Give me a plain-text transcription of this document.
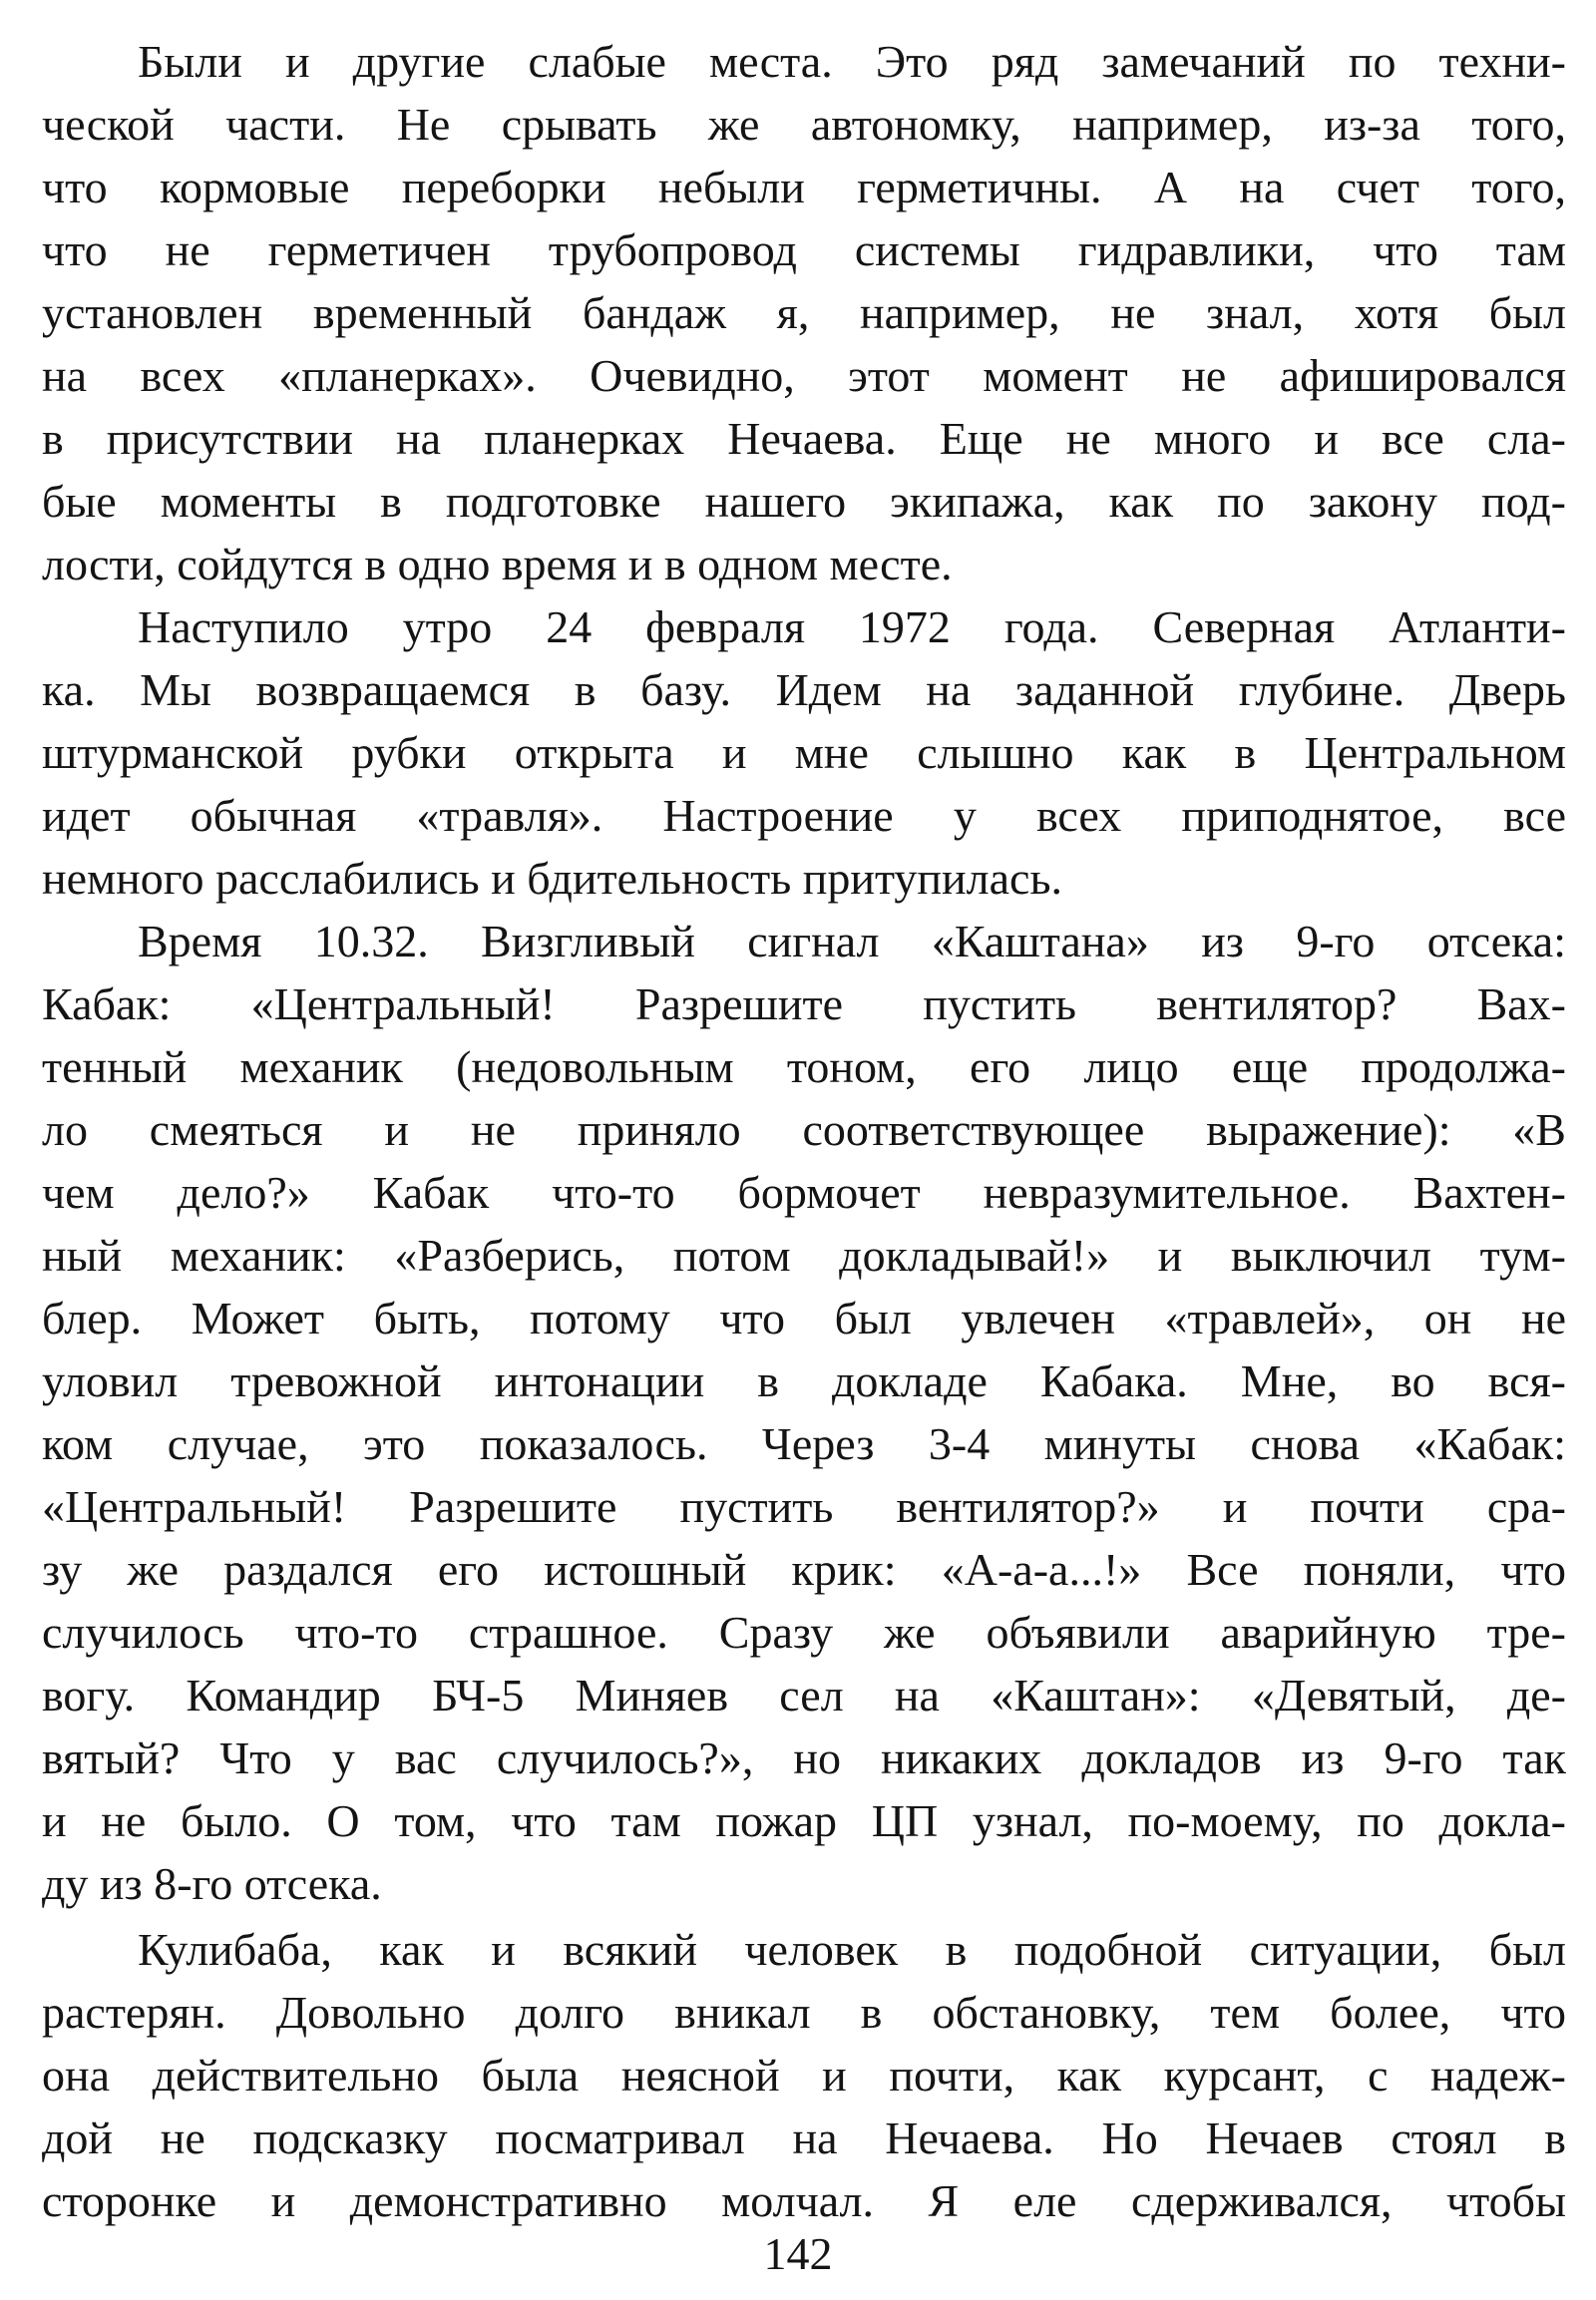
Были и другие слабые места. Это ряд замечаний по техни-
ческой части. Не срывать же автономку, например, из-за того,
что кормовые переборки небыли герметичны. А на счет того,
что не герметичен трубопровод системы гидравлики, что там
установлен временный бандаж я, например, не знал, хотя был
на всех «планерках». Очевидно, этот момент не афишировался
в присутствии на планерках Нечаева. Еще не много и все сла-
бые моменты в подготовке нашего экипажа, как по закону под-
лости, сойдутся в одно время и в одном месте.
Наступило утро 24 февраля 1972 года. Северная Атланти-
ка. Мы возвращаемся в базу. Идем на заданной глубине. Дверь
штурманской рубки открыта и мне слышно как в Центральном
идет обычная «травля». Настроение у всех приподнятое, все
немного расслабились и бдительность притупилась.
Время 10.32. Визгливый сигнал «Каштана» из 9-го отсека:
Кабак: «Центральный! Разрешите пустить вентилятор? Вах-
тенный механик (недовольным тоном, его лицо еще продолжа-
ло смеяться и не приняло соответствующее выражение): «В
чем дело?» Кабак что-то бормочет невразумительное. Вахтен-
ный механик: «Разберись, потом докладывай!» и выключил тум-
блер. Может быть, потому что был увлечен «травлей», он не
уловил тревожной интонации в докладе Кабака. Мне, во вся-
ком случае, это показалось. Через 3-4 минуты снова «Кабак:
«Центральный! Разрешите пустить вентилятор?» и почти сра-
зу же раздался его истошный крик: «А-а-а...!» Все поняли, что
случилось что-то страшное. Сразу же объявили аварийную тре-
вогу. Командир БЧ-5 Миняев сел на «Каштан»: «Девятый, де-
вятый? Что у вас случилось?», но никаких докладов из 9-го так
и не было. О том, что там пожар ЦП узнал, по-моему, по докла-
ду из 8-го отсека.
Кулибаба, как и всякий человек в подобной ситуации, был
растерян. Довольно долго вникал в обстановку, тем более, что
она действительно была неясной и почти, как курсант, с надеж-
дой не подсказку посматривал на Нечаева. Но Нечаев стоял в
сторонке и демонстративно молчал. Я еле сдерживался, чтобы
142
